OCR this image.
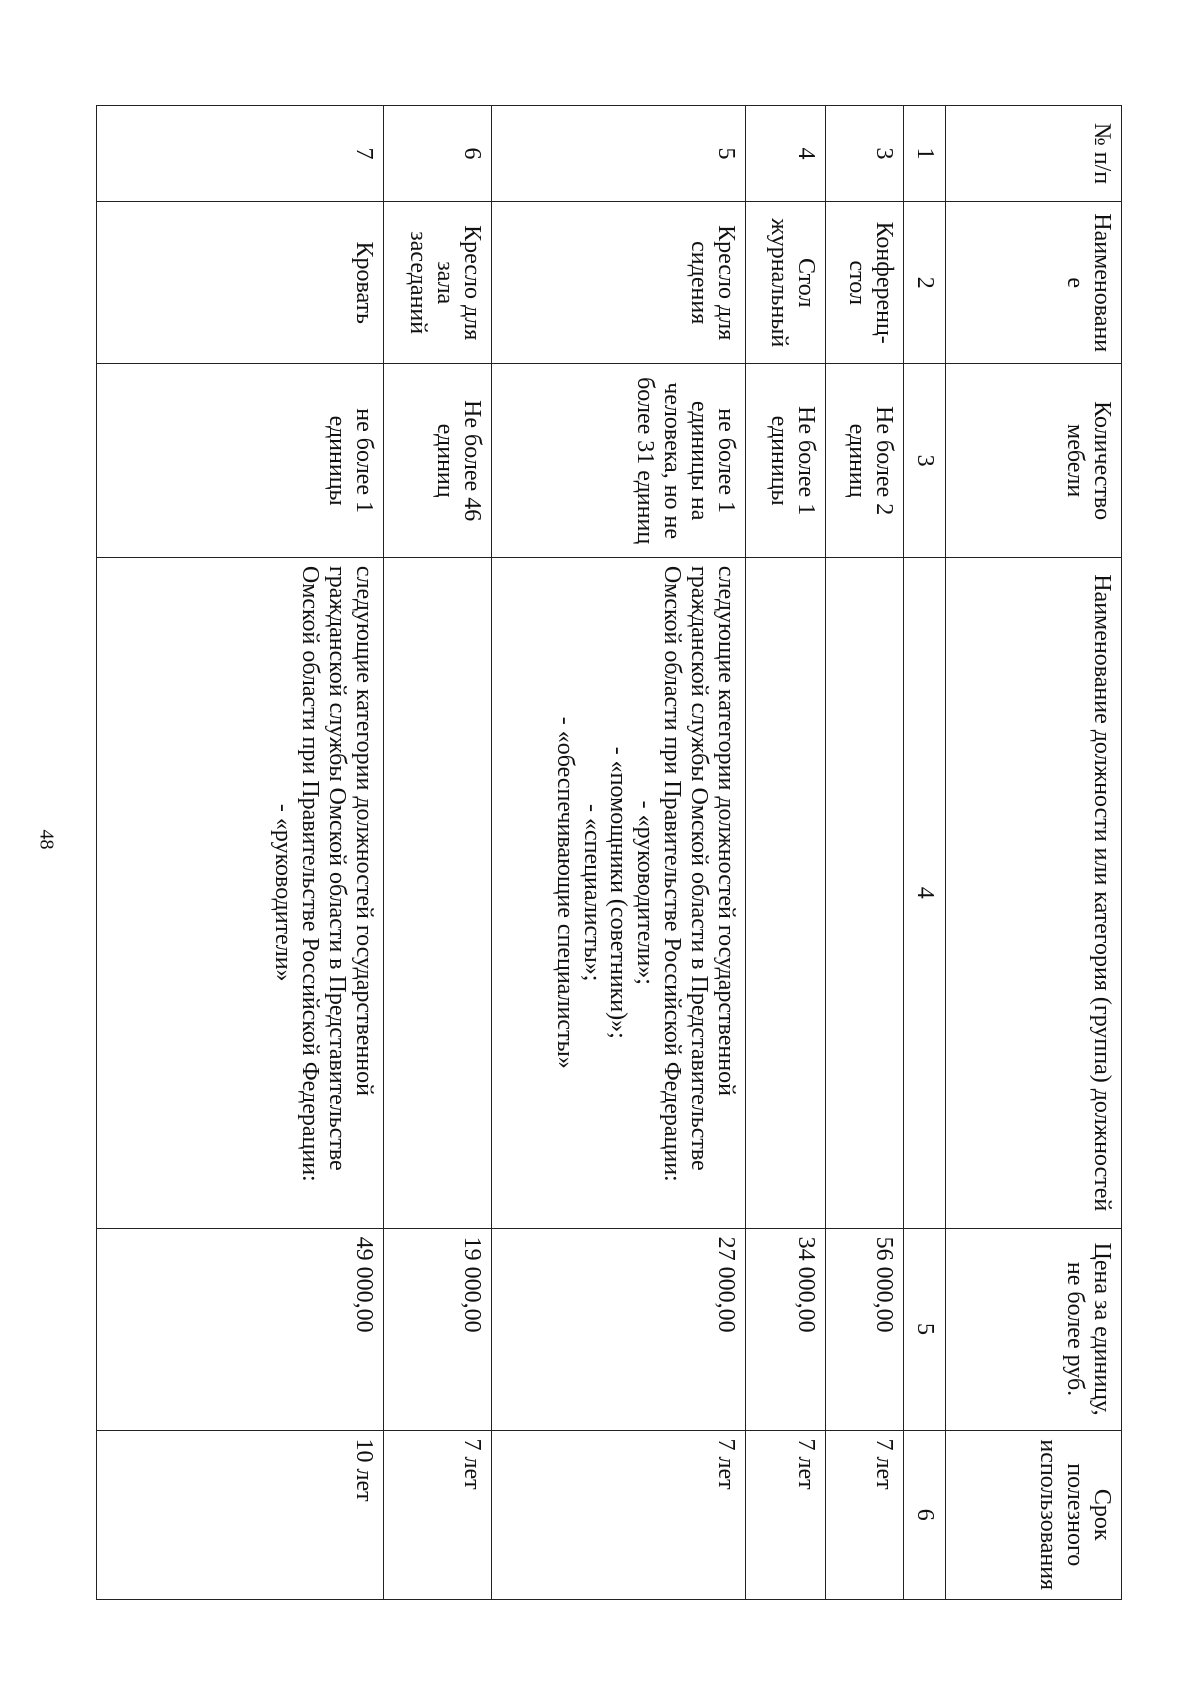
48
№ п/п	Наименовани е	Количество мебели	Наименование должности или категория (группа) должностей	Цена за единицу, не более руб.	Срок полезного использования
1	2	3	4	5	6
3	Конференц-стол	Не более 2 единиц		56 000,00	7 лет
4	Стол журнальный	Не более 1 единицы		34 000,00	7 лет
5	Кресло для сидения	не более 1 единицы на человека, но не более 31 единиц	следующие категории должностей государственной гражданской службы Омской области в Представительстве Омской области при Правительстве Российской Федерации:
- «руководители»;
- «помощники (советники)»;
- «специалисты»;
- «обеспечивающие специалисты»	27 000,00	7 лет
6	Кресло для зала заседаний	Не более 46 единиц		19 000,00	7 лет
7	Кровать	не более 1 единицы	следующие категории должностей государственной гражданской службы Омской области в Представительстве Омской области при Правительстве Российской Федерации:
- «руководители»	49 000,00	10 лет
